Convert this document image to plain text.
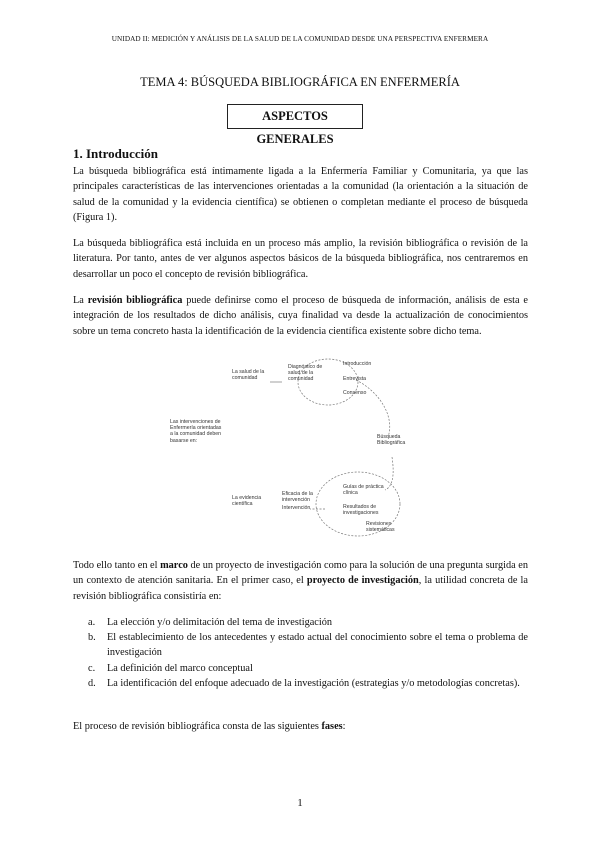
UNIDAD II: MEDICIÓN Y ANÁLISIS DE LA SALUD DE LA COMUNIDAD DESDE UNA PERSPECTIVA ENFERMERA
TEMA 4: BÚSQUEDA BIBLIOGRÁFICA EN ENFERMERÍA
ASPECTOS GENERALES
1. Introducción
La búsqueda bibliográfica está íntimamente ligada a la Enfermería Familiar y Comunitaria, ya que las principales características de las intervenciones orientadas a la comunidad (la orientación a la situación de salud de la comunidad y la evidencia científica) se obtienen o completan mediante el proceso de búsqueda (Figura 1).
La búsqueda bibliográfica está incluida en un proceso más amplio, la revisión bibliográfica o revisión de la literatura. Por tanto, antes de ver algunos aspectos básicos de la búsqueda bibliográfica, nos centraremos en desarrollar un poco el concepto de revisión bibliográfica.
La revisión bibliográfica puede definirse como el proceso de búsqueda de información, análisis de esta e integración de los resultados de dicho análisis, cuya finalidad va desde la actualización de conocimientos sobre un tema concreto hasta la identificación de la evidencia científica existente sobre dicho tema.
La salud de la comunidad
Diagnóstico de salud de la comunidad
Las intervenciones de Enfermería orientadas a la comunidad deben basarse en:
Introducción
Entrevista
Consenso
Búsqueda Bibliográfica
La evidencia científica
Eficacia de la intervención
Intervención
Guías de práctica clínica
Resultados de investigaciones
Revisiones sistemáticas
Todo ello tanto en el marco de un proyecto de investigación como para la solución de una pregunta surgida en un contexto de atención sanitaria. En el primer caso, el proyecto de investigación, la utilidad concreta de la revisión bibliográfica consistiría en:
a.	La elección y/o delimitación del tema de investigación
b.	El establecimiento de los antecedentes y estado actual del conocimiento sobre el tema o problema de investigación
c.	La definición del marco conceptual
d.	La identificación del enfoque adecuado de la investigación (estrategias y/o metodologías concretas).
El proceso de revisión bibliográfica consta de las siguientes fases:
1
